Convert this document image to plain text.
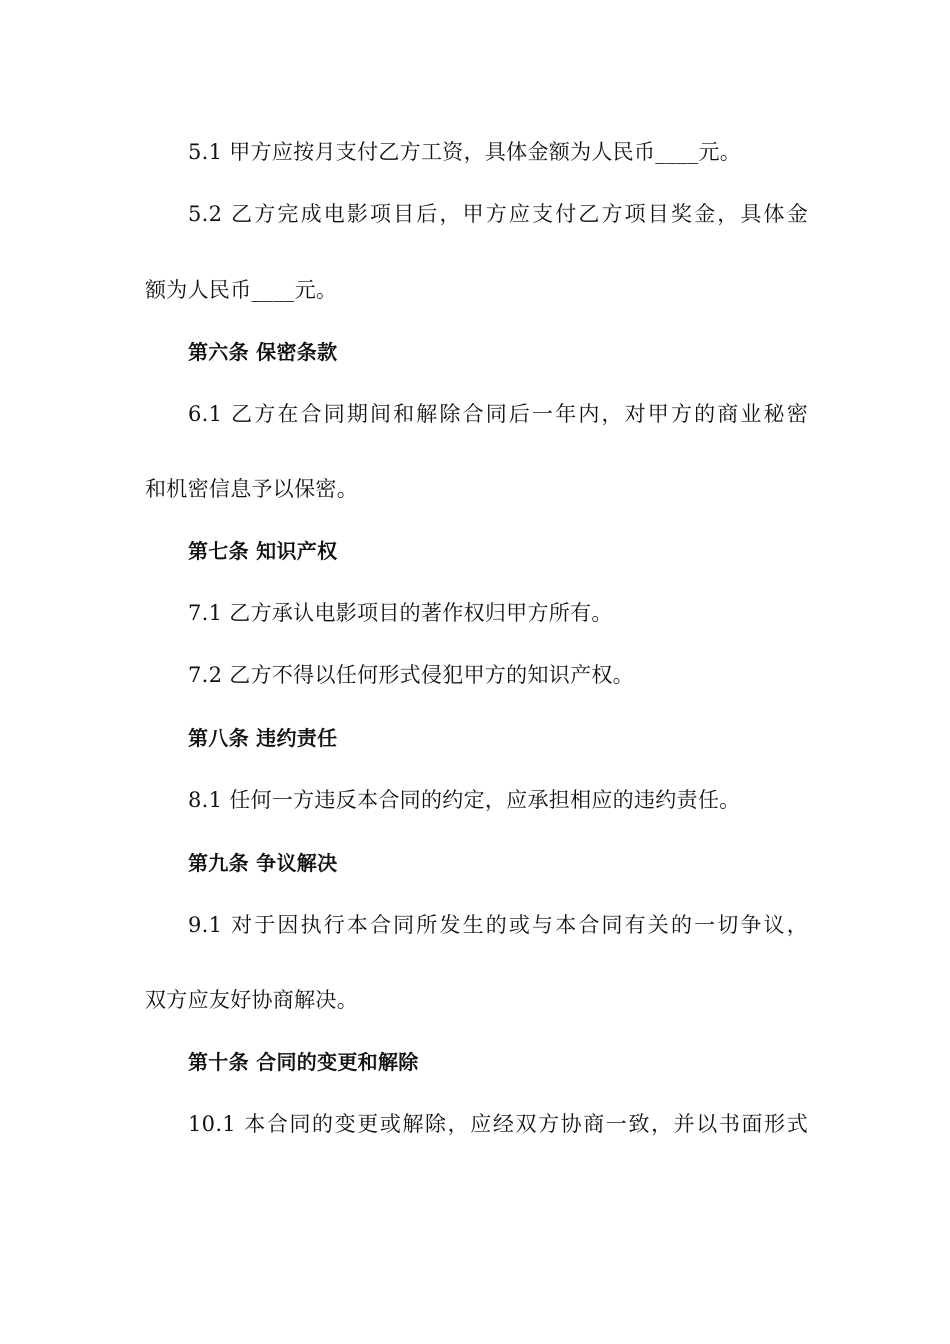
5.1 甲方应按月支付乙方工资，具体金额为人民币____元。
5.2 乙方完成电影项目后，甲方应支付乙方项目奖金，具体金
额为人民币____元。
第六条 保密条款
6.1 乙方在合同期间和解除合同后一年内，对甲方的商业秘密
和机密信息予以保密。
第七条 知识产权
7.1 乙方承认电影项目的著作权归甲方所有。
7.2 乙方不得以任何形式侵犯甲方的知识产权。
第八条 违约责任
8.1 任何一方违反本合同的约定，应承担相应的违约责任。
第九条 争议解决
9.1 对于因执行本合同所发生的或与本合同有关的一切争议，
双方应友好协商解决。
第十条 合同的变更和解除
10.1 本合同的变更或解除，应经双方协商一致，并以书面形式
